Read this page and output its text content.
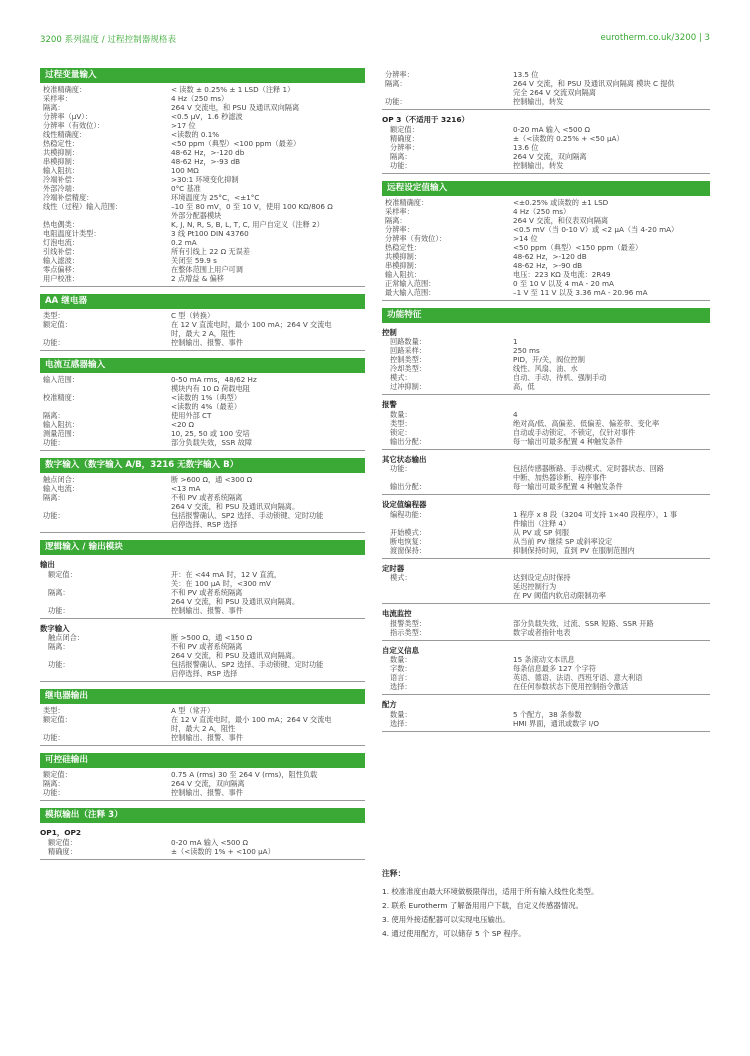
3200 系列温度 / 过程控制器规格表	eurotherm.co.uk/3200 | 3
过程变量输入
校准精确度：	< 读数 ± 0.25% ± 1 LSD（注释 1）
采样率：	4 Hz（250 ms）
隔离：	264 V 交流电，和 PSU 及通讯双向隔离
分辨率（μV）：	<0.5 μV，1.6 秒滤波
分辨率（有效位）：	>17 位
线性精确度：	<读数的 0.1%
热稳定性：	<50 ppm（典型）<100 ppm（最差）
共模抑制：	48-62 Hz，>-120 db
串模抑制：	48-62 Hz，>-93 dB
输入阻抗：	100 MΩ
冷端补偿：	>30:1 环境变化抑制
外部冷端：	0°C 基准
冷端补偿精度：	环境温度为 25°C，<±1°C
线性（过程）输入范围：	–10 至 80 mV，0 至 10 V，使用 100 KΩ/806 Ω
外部分配器模块
热电偶类：	K, J, N, R, S, B, L, T, C, 用户自定义（注释 2）
电阻温度计类型：	3 线 Pt100 DIN 43760
灯泡电流：	0.2 mA
引线补偿：	所有引线上 22 Ω 无误差
输入滤波：	关闭至 59.9 s
零点偏移：	在整体范围上用户可调
用户校准：	2 点增益 & 偏移
AA 继电器
类型：	C 型（转换）
额定值：	在 12 V 直流电时，最小 100 mA；264 V 交流电
时，最大 2 A，阻性
功能：	控制输出、报警、事件
电流互感器输入
输入范围：	0-50 mA rms，48/62 Hz
模块内有 10 Ω 荷载电阻
校准精度：	<读数的 1%（典型）
<读数的 4%（最差）
隔离：	使用外部 CT
输入阻抗：	<20 Ω
测量范围：	10, 25, 50 或 100 安培
功能：	部分负载失效，SSR 故障
数字输入（数字输入 A/B，3216 无数字输入 B）
触点闭合：	断 >600 Ω，通 <300 Ω
输入电流：	<13 mA
隔离：	不和 PV 或者系统隔离
264 V 交流，和 PSU 及通讯双向隔离。
功能：	包括报警确认、SP2 选择、手动锁键、定时功能
启停选择、RSP 选择
逻辑输入 / 输出模块
输出
额定值：	开：在 <44 mA 时，12 V 直流，
关：在 100 μA 时，<300 mV
隔离：	不和 PV 或者系统隔离
264 V 交流，和 PSU 及通讯双向隔离。
功能：	控制输出、报警、事件
数字输入
触点闭合：	断 >500 Ω，通 <150 Ω
隔离：	不和 PV 或者系统隔离
264 V 交流，和 PSU 及通讯双向隔离。
功能：	包括报警确认、SP2 选择、手动锁键、定时功能
启停选择、RSP 选择
继电器输出
类型：	A 型（常开）
额定值：	在 12 V 直流电时，最小 100 mA；264 V 交流电
时，最大 2 A，阻性
功能：	控制输出、报警、事件
可控硅输出
额定值：	0.75 A (rms) 30 至 264 V (rms)，阻性负载
隔离：	264 V 交流，双向隔离
功能：	控制输出、报警、事件
模拟输出（注释 3）
OP1，OP2
额定值：	0-20 mA 输入 <500 Ω
精确度：	±（<读数的 1% + <100 μA）
分辨率：	13.5 位
隔离：	264 V 交流，和 PSU 及通讯双向隔离 模块 C 提供
完全 264 V 交流双向隔离
功能：	控制输出，转发
OP 3（不适用于 3216）
额定值：	0-20 mA 输入 <500 Ω
精确度：	±（<读数的 0.25% + <50 μA）
分辨率：	13.6 位
隔离：	264 V 交流，双向隔离
功能：	控制输出，转发
远程设定值输入
校准精确度：	<±0.25% 或读数的 ±1 LSD
采样率：	4 Hz（250 ms）
隔离：	264 V 交流，和仪表双向隔离
分辨率：	<0.5 mV（当 0-10 V）或 <2 μA（当 4-20 mA）
分辨率（有效位）：	>14 位
热稳定性：	<50 ppm（典型）<150 ppm（最差）
共模抑制：	48-62 Hz，>-120 dB
串模抑制：	48-62 Hz，>-90 dB
输入阻抗：	电压：223 KΩ 及电流：2R49
正常输入范围：	0 至 10 V 以及 4 mA - 20 mA
最大输入范围：	–1 V 至 11 V 以及 3.36 mA - 20.96 mA
功能特征
控制
回路数量：	1
回路采样：	250 ms
控制类型：	PID，开/关，阀位控制
冷却类型：	线性、风扇、油、水
模式：	自动、手动、待机、强制手动
过冲抑制：	高，低
报警
数量：	4
类型：	绝对高/低、高偏差、低偏差、偏差带、变化率
锁定：	自动或手动锁定、不锁定，仅针对事件
输出分配：	每一输出可最多配置 4 种触发条件
其它状态输出
功能：	包括传感器断路、手动模式、定时器状态、回路
中断、加热器诊断、程序事件
输出分配：	每一输出可最多配置 4 种触发条件
设定值编程器
编程功能：	1 程序 x 8 段（3204 可支持 1×40 段程序），1 事
件输出（注释 4）
开始模式：	从 PV 或 SP 伺服
断电恢复：	从当前 PV 继续 SP 或斜率设定
渡窗保持：	抑制保持时间，直到 PV 在服制范围内
定时器
模式：	达到设定点时保持
延迟控制行为
在 PV 阈值内软启动限制功率
电流监控
报警类型：	部分负载失效、过流、SSR 短路、SSR 开路
指示类型：	数字或者指针电表
自定义信息
数量：	15 条滚动文本讯息
字数：	每条信息最多 127 个字符
语言：	英语、德语、法语、西班牙语、意大利语
选择：	在任何参数状态下使用控制指令激活
配方
数量：	5 个配方，38 条参数
选择：	HMI 界面，通讯或数字 I/O
注释：
1. 校准准度由最大环境做极限得出，适用于所有输入线性化类型。
2. 联系 Eurotherm 了解备用用户下载，自定义传感器情况。
3. 使用外接适配器可以实现电压输出。
4. 通过使用配方，可以储存 5 个 SP 程序。
